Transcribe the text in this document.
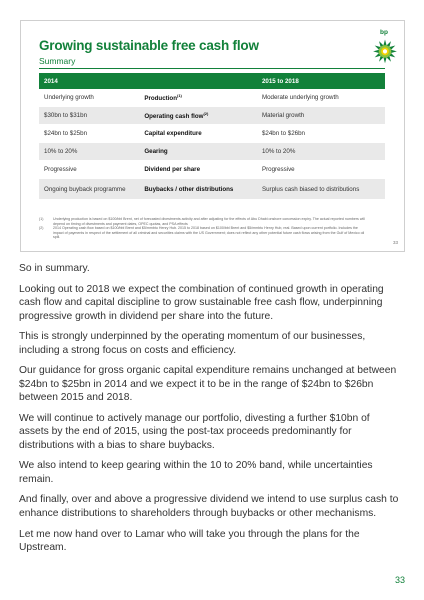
Growing sustainable free cash flow
Summary
bp
2014		2015 to 2018
Underlying growth	Production$^{(1)}$	Moderate underlying growth
$30bn to $31bn	Operating cash flow$^{(2)}$	Material growth
$24bn to $25bn	Capital expenditure	$24bn to $26bn
10% to 20%	Gearing	10% to 20%
Progressive	Dividend per share	Progressive
Ongoing buyback programme	Buybacks / other distributions	Surplus cash biased to distributions
(1)	Underlying production is based on $100/bbl Brent, net of forecasted divestments activity and after adjusting for the effects of Abu Dhabi onshore concession expiry. The actual reported numbers will depend on timing of divestments and payment dates, OPEC quotas, and PSA effects
(2)	2014 Operating cash flow based on $100/bbl Brent and $5/mmbtu Henry Hub. 2015 to 2018 based on $100/bbl Brent and $5/mmbtu Henry Hub, real. Based upon current portfolio. Includes the impact of payments in respect of the settlement of all criminal and securities claims with the US Government; does not reflect any other potential future cash flows arising from the Gulf of Mexico oil spill.
33

So in summary.

Looking out to 2018 we expect the combination of continued growth in operating cash flow and capital discipline to grow sustainable free cash flow, underpinning progressive growth in dividend per share into the future.

This is strongly underpinned by the operating momentum of our businesses, including a strong focus on costs and efficiency.

Our guidance for gross organic capital expenditure remains unchanged at between $24bn to $25bn in 2014 and we expect it to be in the range of $24bn to $26bn between 2015 and 2018.

We will continue to actively manage our portfolio, divesting a further $10bn of assets by the end of 2015, using the post-tax proceeds predominantly for distributions with a bias to share buybacks.

We also intend to keep gearing within the 10 to 20% band, while uncertainties remain.

And finally, over and above a progressive dividend we intend to use surplus cash to enhance distributions to shareholders through buybacks or other mechanisms.

Let me now hand over to Lamar who will take you through the plans for the Upstream.

33
